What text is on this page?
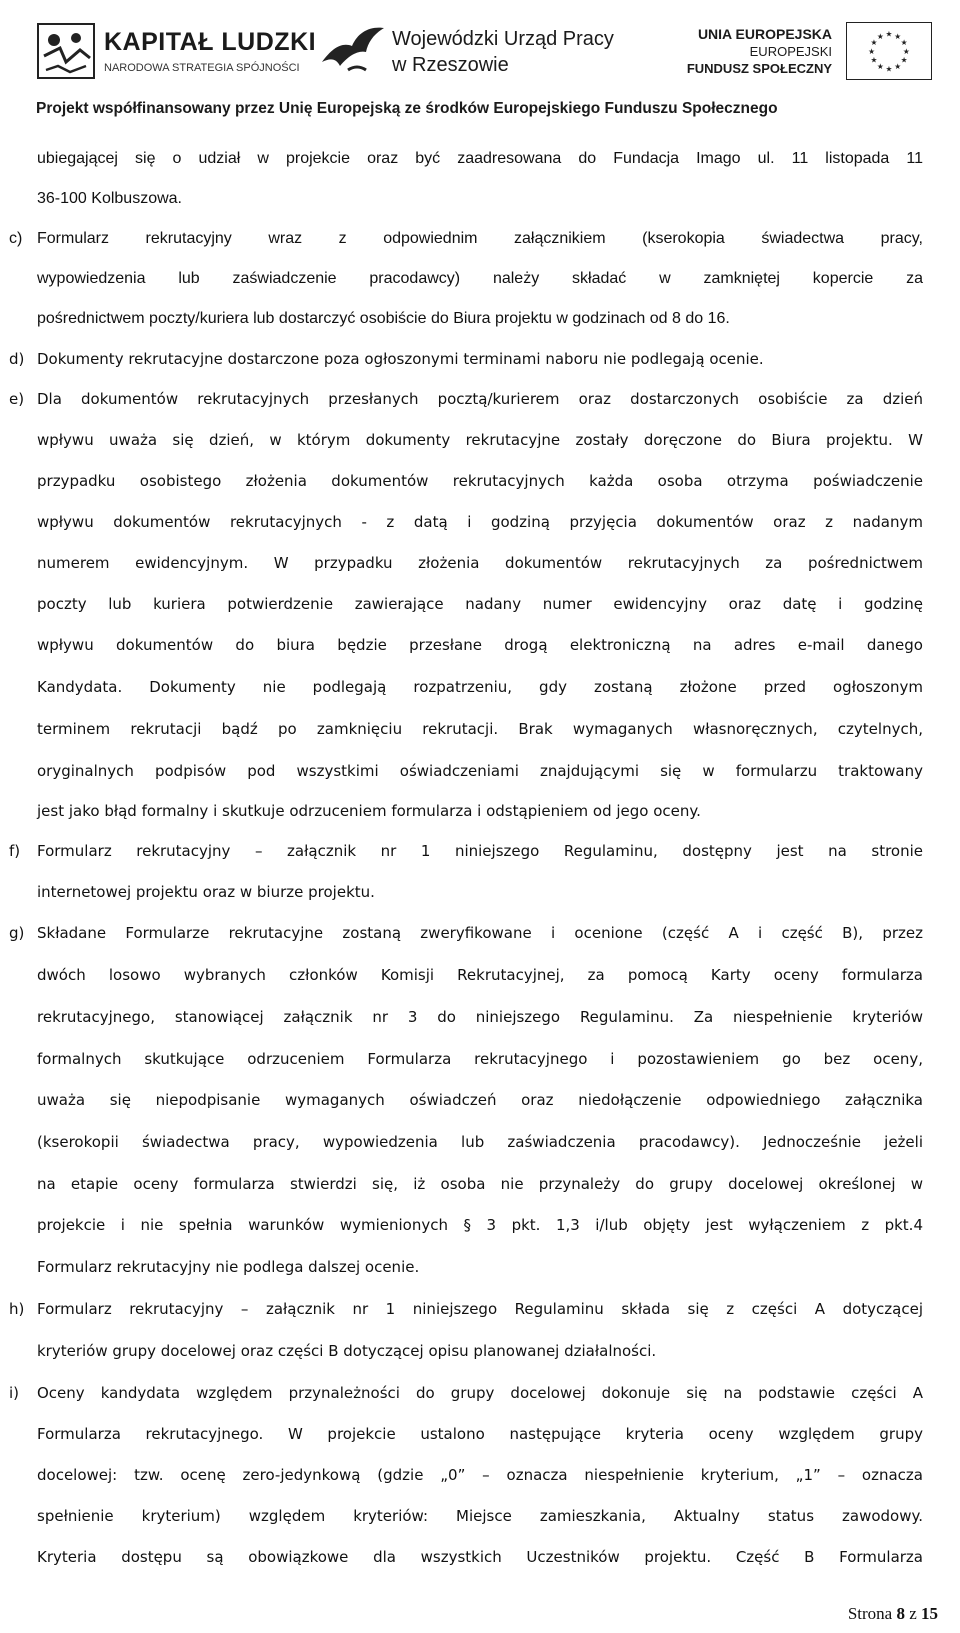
KAPITAŁ LUDZKI
NARODOWA STRATEGIA SPÓJNOŚCI
Wojewódzki Urząd Pracy
w Rzeszowie
UNIA EUROPEJSKA
EUROPEJSKI
FUNDUSZ SPOŁECZNY
★
★
★
★
★
★
★
★
★ ★ ★
★
Projekt współfinansowany przez Unię Europejską ze środków Europejskiego Funduszu Społecznego
ubiegającej się o udział w projekcie oraz być zaadresowana do Fundacja Imago ul. 11 listopada 11
36-100 Kolbuszowa.
c) Formularz rekrutacyjny wraz z odpowiednim załącznikiem (kserokopia świadectwa pracy,
wypowiedzenia lub zaświadczenie pracodawcy) należy składać w zamkniętej kopercie za
pośrednictwem poczty/kuriera lub dostarczyć osobiście do Biura projektu w godzinach od 8 do 16.
d) Dokumenty rekrutacyjne dostarczone poza ogłoszonymi terminami naboru nie podlegają ocenie.
e) Dla dokumentów rekrutacyjnych przesłanych pocztą/kurierem oraz dostarczonych osobiście za dzień
wpływu uważa się dzień, w którym dokumenty rekrutacyjne zostały doręczone do Biura projektu. W
przypadku osobistego złożenia dokumentów rekrutacyjnych każda osoba otrzyma poświadczenie
wpływu dokumentów rekrutacyjnych - z datą i godziną przyjęcia dokumentów oraz z nadanym
numerem ewidencyjnym. W przypadku złożenia dokumentów rekrutacyjnych za pośrednictwem
poczty lub kuriera potwierdzenie zawierające nadany numer ewidencyjny oraz datę i godzinę
wpływu dokumentów do biura będzie przesłane drogą elektroniczną na adres e-mail danego
Kandydata. Dokumenty nie podlegają rozpatrzeniu, gdy zostaną złożone przed ogłoszonym
terminem rekrutacji bądź po zamknięciu rekrutacji. Brak wymaganych własnoręcznych, czytelnych,
oryginalnych podpisów pod wszystkimi oświadczeniami znajdującymi się w formularzu traktowany
jest jako błąd formalny i skutkuje odrzuceniem formularza i odstąpieniem od jego oceny.
f) Formularz rekrutacyjny – załącznik nr 1 niniejszego Regulaminu, dostępny jest na stronie
internetowej projektu oraz w biurze projektu.
g) Składane Formularze rekrutacyjne zostaną zweryfikowane i ocenione (część A i część B), przez
dwóch losowo wybranych członków Komisji Rekrutacyjnej, za pomocą Karty oceny formularza
rekrutacyjnego, stanowiącej załącznik nr 3 do niniejszego Regulaminu. Za niespełnienie kryteriów
formalnych skutkujące odrzuceniem Formularza rekrutacyjnego i pozostawieniem go bez oceny,
uważa się niepodpisanie wymaganych oświadczeń oraz niedołączenie odpowiedniego załącznika
(kserokopii świadectwa pracy, wypowiedzenia lub zaświadczenia pracodawcy). Jednocześnie jeżeli
na etapie oceny formularza stwierdzi się, iż osoba nie przynależy do grupy docelowej określonej w
projekcie i nie spełnia warunków wymienionych § 3 pkt. 1,3 i/lub objęty jest wyłączeniem z pkt.4
Formularz rekrutacyjny nie podlega dalszej ocenie.
h) Formularz rekrutacyjny – załącznik nr 1 niniejszego Regulaminu składa się z części A dotyczącej
kryteriów grupy docelowej oraz części B dotyczącej opisu planowanej działalności.
i) Oceny kandydata względem przynależności do grupy docelowej dokonuje się na podstawie części A
Formularza rekrutacyjnego. W projekcie ustalono następujące kryteria oceny względem grupy
docelowej: tzw. ocenę zero-jedynkową (gdzie „0” – oznacza niespełnienie kryterium, „1” – oznacza
spełnienie kryterium) względem kryteriów: Miejsce zamieszkania, Aktualny status zawodowy.
Kryteria dostępu są obowiązkowe dla wszystkich Uczestników projektu. Część B Formularza
Strona 8 z 15
